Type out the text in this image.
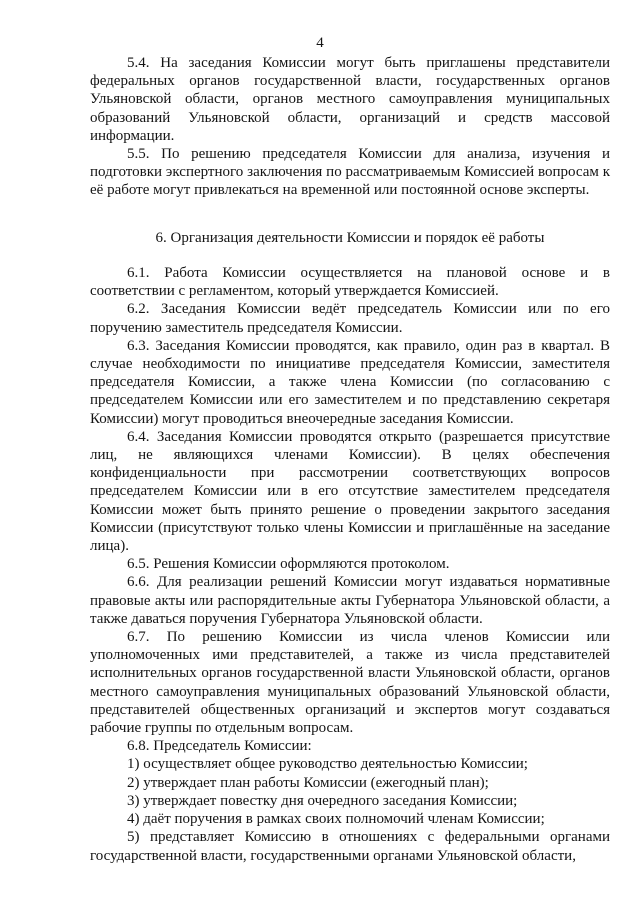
4

5.4. На заседания Комиссии могут быть приглашены представители федеральных органов государственной власти, государственных органов Ульяновской области, органов местного самоуправления муниципальных образований Ульяновской области, организаций и средств массовой информации.

5.5. По решению председателя Комиссии для анализа, изучения и подготовки экспертного заключения по рассматриваемым Комиссией вопросам к её работе могут привлекаться на временной или постоянной основе эксперты.

6. Организация деятельности Комиссии и порядок её работы

6.1. Работа Комиссии осуществляется на плановой основе и в соответствии с регламентом, который утверждается Комиссией.

6.2. Заседания Комиссии ведёт председатель Комиссии или по его поручению заместитель председателя Комиссии.

6.3. Заседания Комиссии проводятся, как правило, один раз в квартал. В случае необходимости по инициативе председателя Комиссии, заместителя председателя Комиссии, а также члена Комиссии (по согласованию с председателем Комиссии или его заместителем и по представлению секретаря Комиссии) могут проводиться внеочередные заседания Комиссии.

6.4. Заседания Комиссии проводятся открыто (разрешается присутствие лиц, не являющихся членами Комиссии). В целях обеспечения конфиденциальности при рассмотрении соответствующих вопросов председателем Комиссии или в его отсутствие заместителем председателя Комиссии может быть принято решение о проведении закрытого заседания Комиссии (присутствуют только члены Комиссии и приглашённые на заседание лица).

6.5. Решения Комиссии оформляются протоколом.

6.6. Для реализации решений Комиссии могут издаваться нормативные правовые акты или распорядительные акты Губернатора Ульяновской области, а также даваться поручения Губернатора Ульяновской области.

6.7. По решению Комиссии из числа членов Комиссии или уполномоченных ими представителей, а также из числа представителей исполнительных органов государственной власти Ульяновской области, органов местного самоуправления муниципальных образований Ульяновской области, представителей общественных организаций и экспертов могут создаваться рабочие группы по отдельным вопросам.

6.8. Председатель Комиссии:

1) осуществляет общее руководство деятельностью Комиссии;

2) утверждает план работы Комиссии (ежегодный план);

3) утверждает повестку дня очередного заседания Комиссии;

4) даёт поручения в рамках своих полномочий членам Комиссии;

5) представляет Комиссию в отношениях с федеральными органами государственной власти, государственными органами Ульяновской области,
